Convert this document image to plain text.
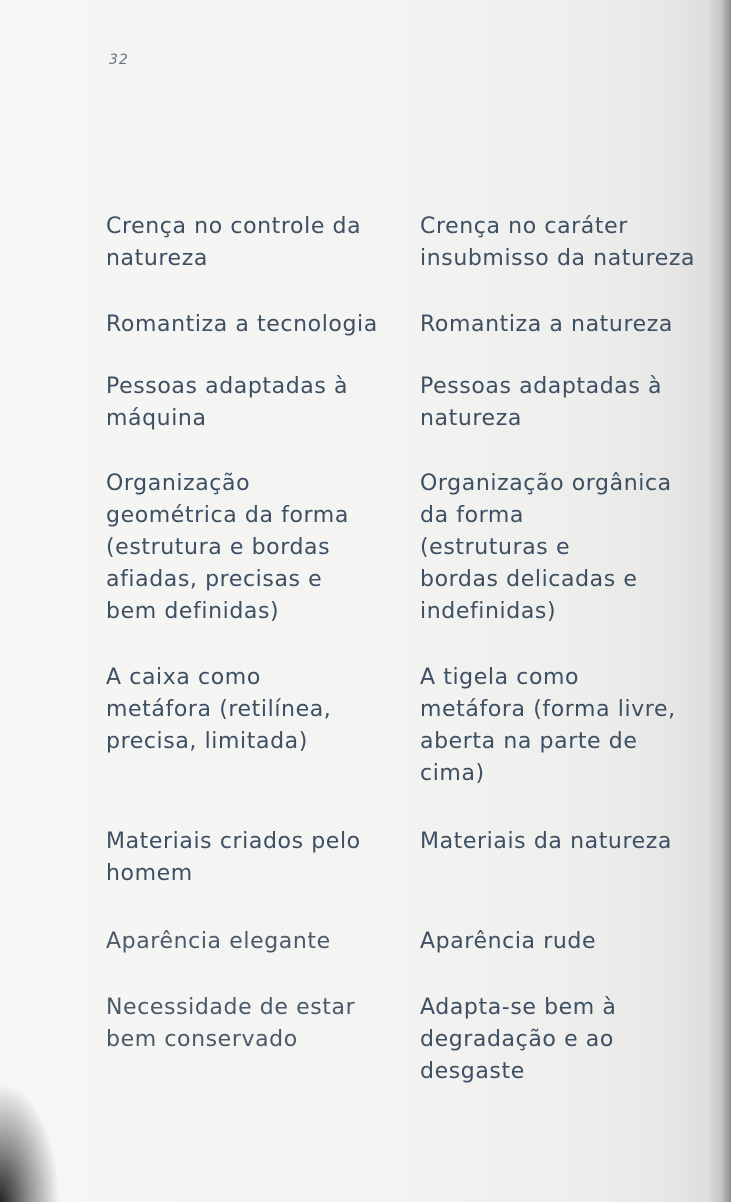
32
Crença no controle da
natureza
Crença no caráter
insubmisso da natureza
Romantiza a tecnologia	Romantiza a natureza
Pessoas adaptadas à
máquina
Pessoas adaptadas à
natureza
Organização
geométrica da forma
(estrutura e bordas
afiadas, precisas e
bem definidas)
Organização orgânica
da forma
(estruturas e
bordas delicadas e
indefinidas)
A caixa como
metáfora (retilínea,
precisa, limitada)
A tigela como
metáfora (forma livre,
aberta na parte de
cima)
Materiais criados pelo
homem
Materiais da natureza
Aparência elegante	Aparência rude
Necessidade de estar
bem conservado
Adapta-se bem à
degradação e ao
desgaste
